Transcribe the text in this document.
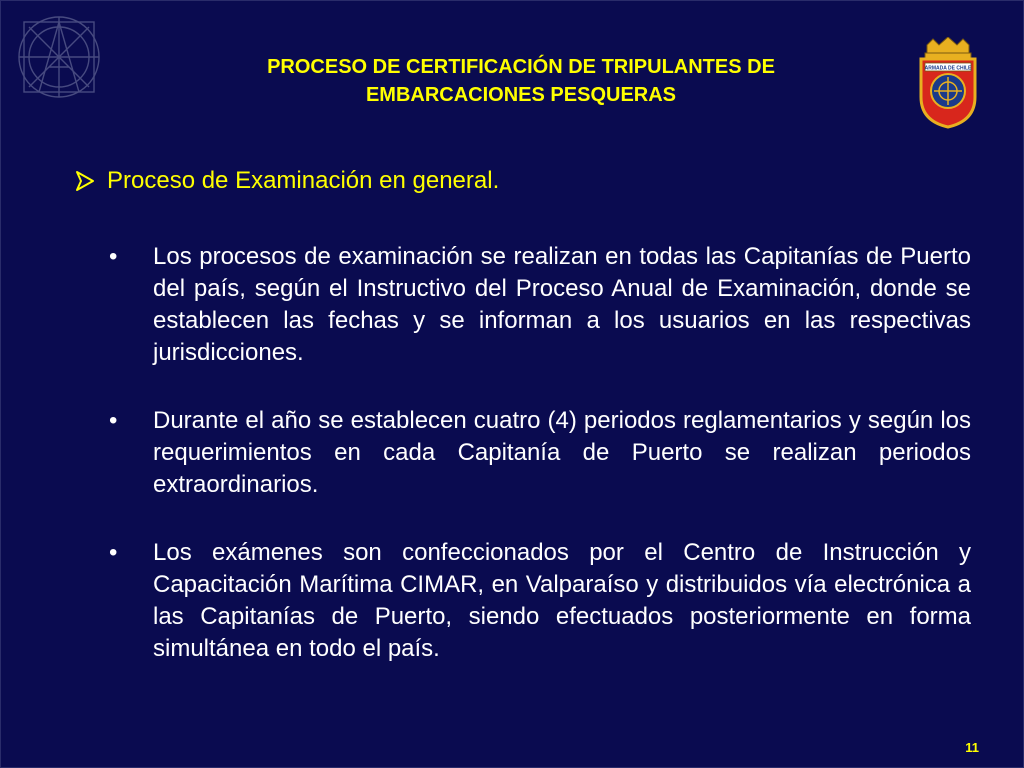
PROCESO DE CERTIFICACIÓN DE TRIPULANTES DE
EMBARCACIONES PESQUERAS
ARMADA DE CHILE
Proceso de Examinación en general.
•	Los procesos de examinación se realizan en todas las Capitanías de Puerto del país, según el Instructivo del Proceso Anual de Examinación, donde se establecen las fechas y se informan a los usuarios en las respectivas jurisdicciones.
•	Durante el año se establecen cuatro (4) periodos reglamentarios y según los requerimientos en cada Capitanía de Puerto se realizan periodos extraordinarios.
•	Los exámenes son confeccionados por el Centro de Instrucción y Capacitación Marítima CIMAR, en Valparaíso y distribuidos vía electrónica a las Capitanías de Puerto, siendo efectuados posteriormente en forma simultánea en todo el país.
11
